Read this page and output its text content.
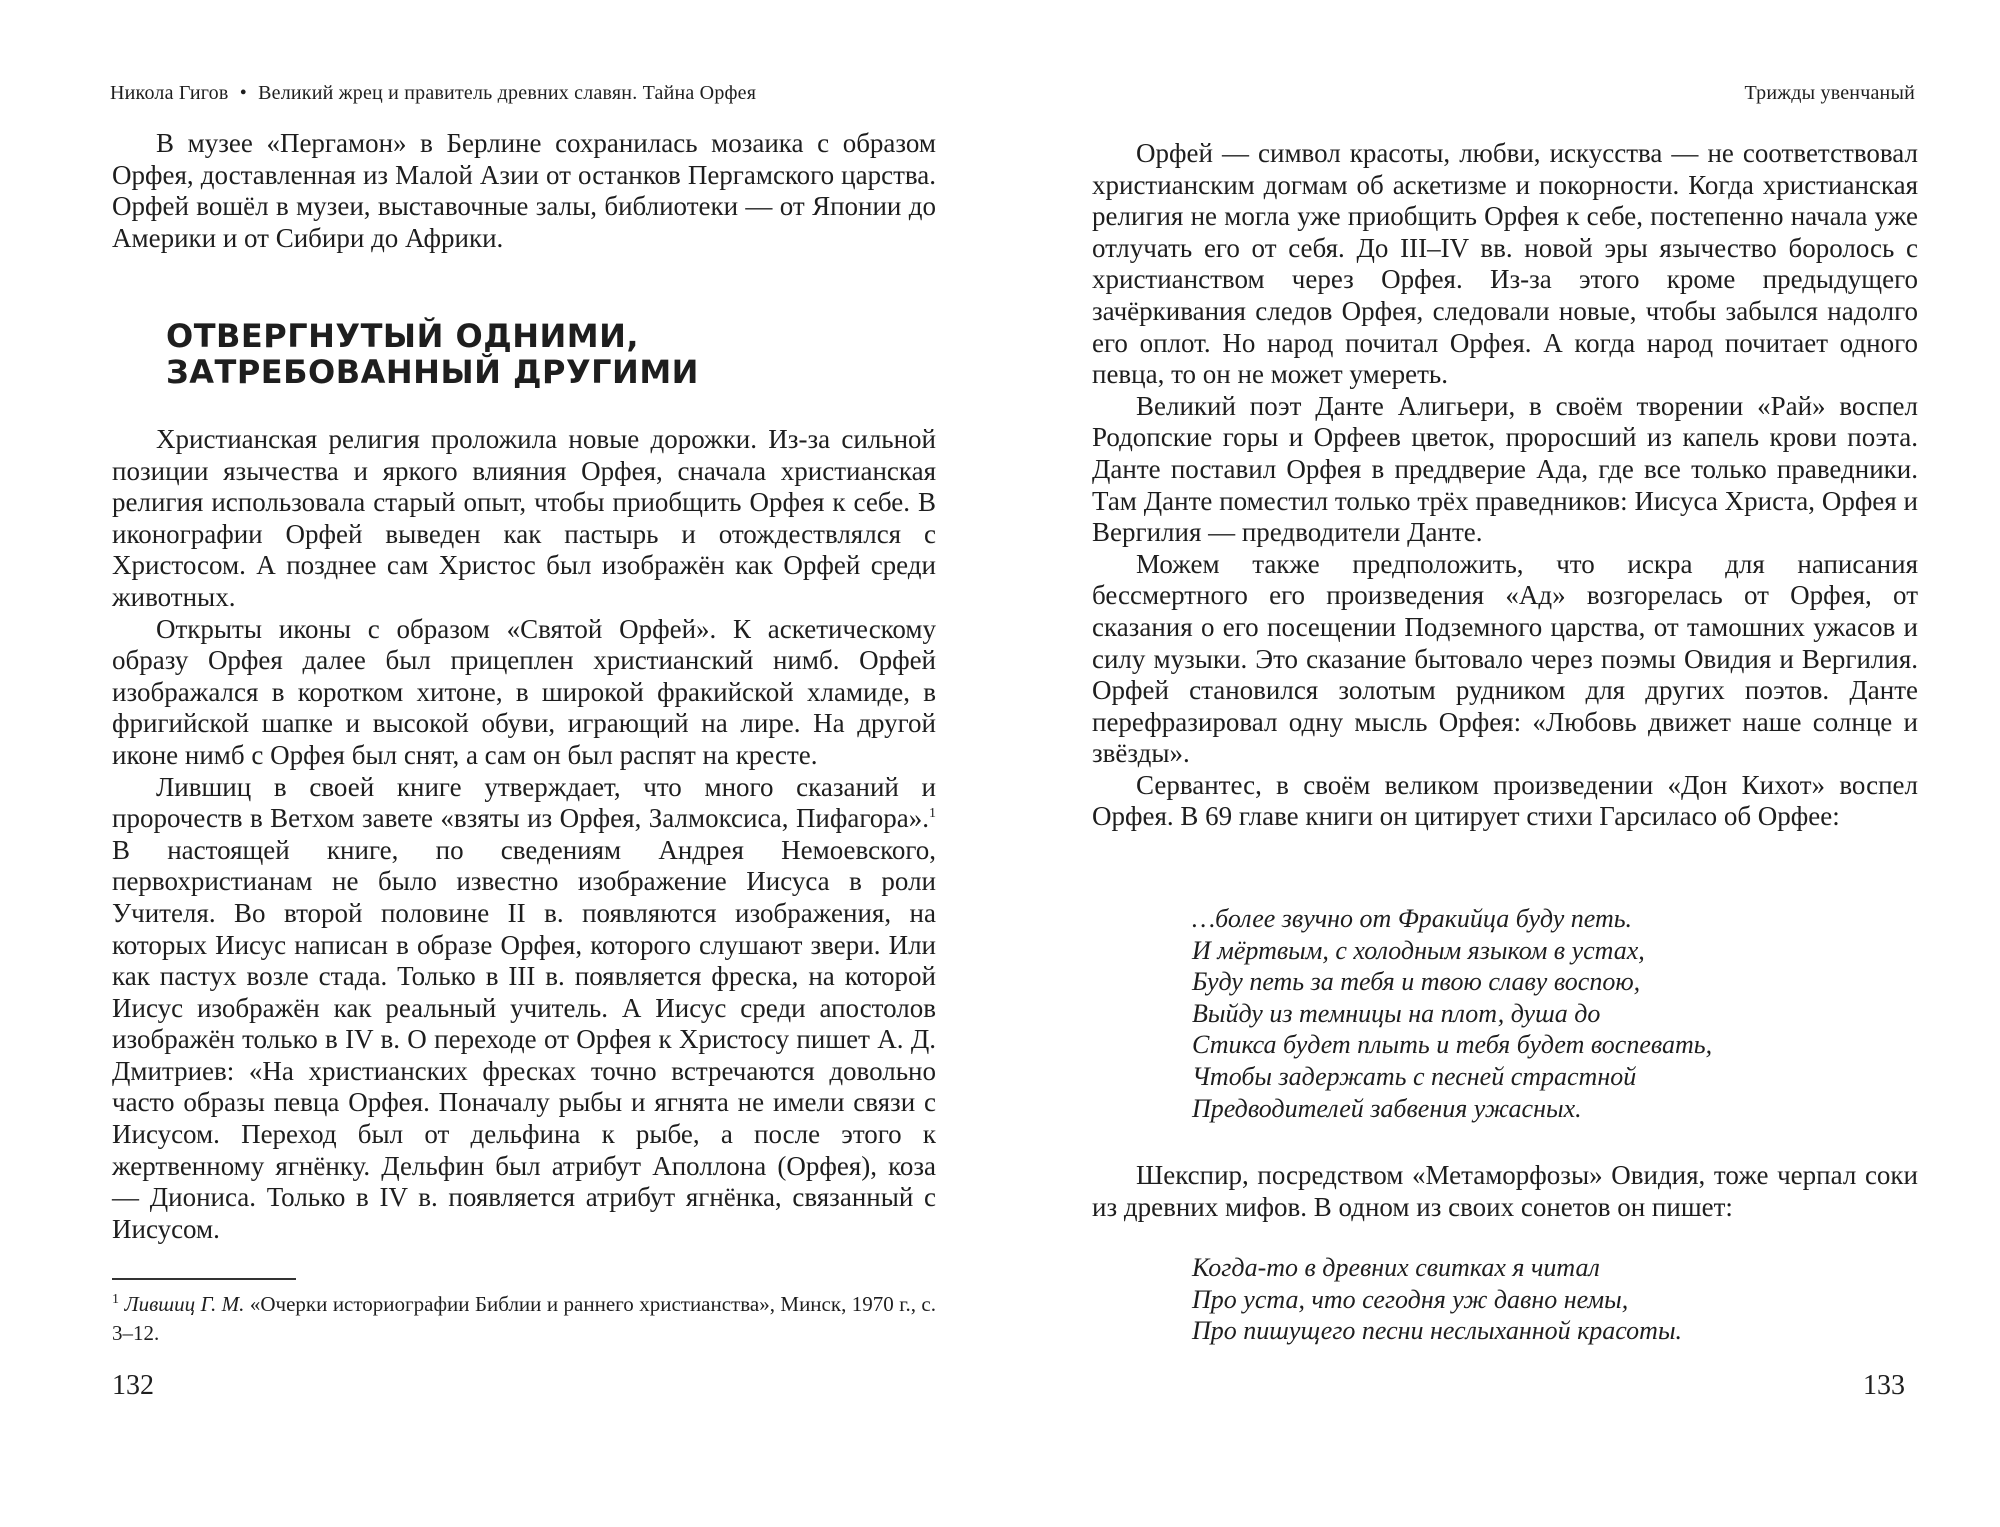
Никола Гигов • Великий жрец и правитель древних славян. Тайна Орфея

В музее «Пергамон» в Берлине сохранилась мозаика с образом Орфея, доставленная из Малой Азии от останков Пергамского царства. Орфей вошёл в музеи, выставочные залы, библиотеки — от Японии до Америки и от Сибири до Африки.

ОТВЕРГНУТЫЙ ОДНИМИ,
ЗАТРЕБОВАННЫЙ ДРУГИМИ

Христианская религия проложила новые дорожки. Из-за сильной позиции язычества и яркого влияния Орфея, сначала христианская религия использовала старый опыт, чтобы приобщить Орфея к себе. В иконографии Орфей выведен как пастырь и отождествлялся с Христосом. А позднее сам Христос был изображён как Орфей среди животных.

Открыты иконы с образом «Святой Орфей». К аскетическому образу Орфея далее был прицеплен христианский нимб. Орфей изображался в коротком хитоне, в широкой фракийской хламиде, в фригийской шапке и высокой обуви, играющий на лире. На другой иконе нимб с Орфея был снят, а сам он был распят на кресте.

Лившиц в своей книге утверждает, что много сказаний и пророчеств в Ветхом завете «взяты из Орфея, Залмоксиса, Пифагора».$^1$ В настоящей книге, по сведениям Андрея Немоевского, первохристианам не было известно изображение Иисуса в роли Учителя. Во второй половине II в. появляются изображения, на которых Иисус написан в образе Орфея, которого слушают звери. Или как пастух возле стада. Только в III в. появляется фреска, на которой Иисус изображён как реальный учитель. А Иисус среди апостолов изображён только в IV в. О переходе от Орфея к Христосу пишет А. Д. Дмитриев: «На христианских фресках точно встречаются довольно часто образы певца Орфея. Поначалу рыбы и ягнята не имели связи с Иисусом. Переход был от дельфина к рыбе, а после этого к жертвенному ягнёнку. Дельфин был атрибут Аполлона (Орфея), коза — Диониса. Только в IV в. появляется атрибут ягнёнка, связанный с Иисусом.

$^1$ Лившиц Г. М. «Очерки историографии Библии и раннего христианства», Минск, 1970 г., с. 3–12.
132
Трижды увенчаный

Орфей — символ красоты, любви, искусства — не соответствовал христианским догмам об аскетизме и покорности. Когда христианская религия не могла уже приобщить Орфея к себе, постепенно начала уже отлучать его от себя. До III–IV вв. новой эры язычество боролось с христианством через Орфея. Из-за этого кроме предыдущего зачёркивания следов Орфея, следовали новые, чтобы забылся надолго его оплот. Но народ почитал Орфея. А когда народ почитает одного певца, то он не может умереть.

Великий поэт Данте Алигьери, в своём творении «Рай» воспел Родопские горы и Орфеев цветок, проросший из капель крови поэта. Данте поставил Орфея в преддверие Ада, где все только праведники. Там Данте поместил только трёх праведников: Иисуса Христа, Орфея и Вергилия — предводители Данте.

Можем также предположить, что искра для написания бессмертного его произведения «Ад» возгорелась от Орфея, от сказания о его посещении Подземного царства, от тамошних ужасов и силу музыки. Это сказание бытовало через поэмы Овидия и Вергилия. Орфей становился золотым рудником для других поэтов. Данте перефразировал одну мысль Орфея: «Любовь движет наше солнце и звёзды».

Сервантес, в своём великом произведении «Дон Кихот» воспел Орфея. В 69 главе книги он цитирует стихи Гарсиласо об Орфее:

…более звучно от Фракийца буду петь.
И мёртвым, с холодным языком в устах,
Буду петь за тебя и твою славу воспою,
Выйду из темницы на плот, душа до
Стикса будет плыть и тебя будет воспевать,
Чтобы задержать с песней страстной
Предводителей забвения ужасных.

Шекспир, посредством «Метаморфозы» Овидия, тоже черпал соки из древних мифов. В одном из своих сонетов он пишет:

Когда-то в древних свитках я читал
Про уста, что сегодня уж давно немы,
Про пишущего песни неслыханной красоты.
133
